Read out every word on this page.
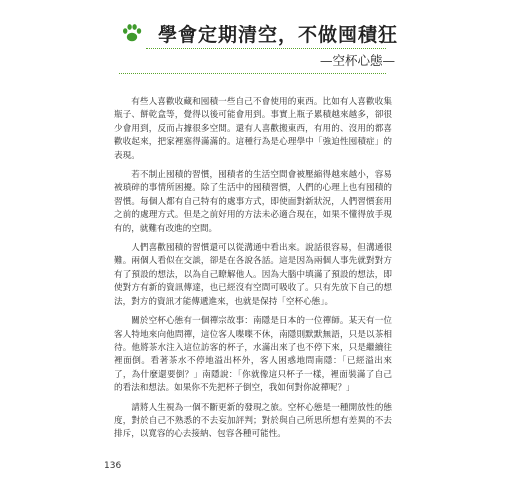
學會定期清空，不做囤積狂
—空杯心態—

有些人喜歡收藏和囤積一些自己不會使用的東西。比如有人喜歡收集瓶子、餅乾盒等，覺得以後可能會用到。事實上瓶子累積越來越多，卻很少會用到，反而占據很多空間。還有人喜歡搬東西，有用的、沒用的都喜歡收起來，把家裡塞得滿滿的。這種行為是心理學中「強迫性囤積症」的表現。

若不制止囤積的習慣，囤積者的生活空間會被壓縮得越來越小，容易被瑣碎的事情所困擾。除了生活中的囤積習慣，人們的心理上也有囤積的習慣。每個人都有自己特有的處事方式，即使面對新狀況，人們習慣套用之前的處理方式。但是之前好用的方法未必適合現在，如果不懂得放手現有的，就難有改進的空間。

人們喜歡囤積的習慣還可以從溝通中看出來。說話很容易，但溝通很難。兩個人看似在交談，卻是在各說各話。這是因為兩個人事先就對對方有了預設的想法，以為自己瞭解他人。因為大腦中填滿了預設的想法，即使對方有新的資訊傳達，也已經沒有空間可吸收了。只有先放下自己的想法，對方的資訊才能傳遞進來，也就是保持「空杯心態」。

關於空杯心態有一個禪宗故事：南隱是日本的一位禪師。某天有一位客人特地來向他問禪，這位客人喋喋不休，南隱則默默無語，只是以茶相待。他將茶水注入這位訪客的杯子，水滿出來了也不停下來，只是繼續往裡面倒。看著茶水不停地溢出杯外，客人困惑地問南隱：「已經溢出來了，為什麼還要倒？」南隱說：「你就像這只杯子一樣，裡面裝滿了自己的看法和想法。如果你不先把杯子倒空，我如何對你說禪呢？」

請將人生視為一個不斷更新的發現之旅。空杯心態是一種開放性的態度，對於自己不熟悉的不去妄加評判；對於與自己所思所想有差異的不去排斥，以寬容的心去接納、包容各種可能性。

136
